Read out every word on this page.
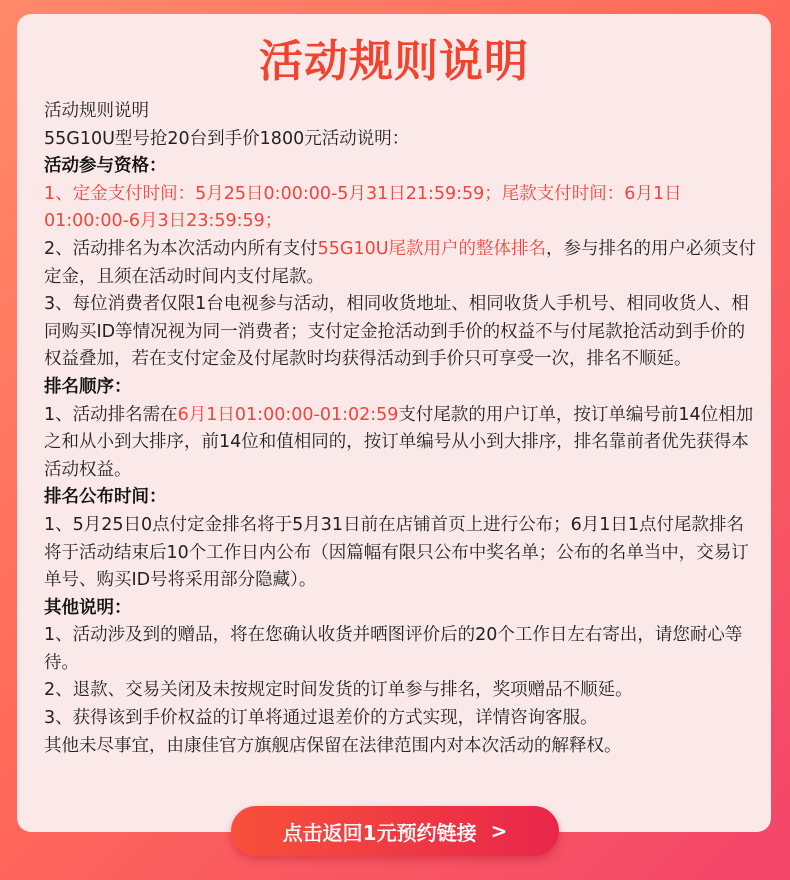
活动规则说明

活动规则说明

55G10U型号抢20台到手价1800元活动说明：

活动参与资格：

1、定金支付时间：5月25日0:00:00-5月31日21:59:59；尾款支付时间：6月1日01:00:00-6月3日23:59:59；

2、活动排名为本次活动内所有支付55G10U尾款用户的整体排名，参与排名的用户必须支付定金，且须在活动时间内支付尾款。

3、每位消费者仅限1台电视参与活动，相同收货地址、相同收货人手机号、相同收货人、相同购买ID等情况视为同一消费者；支付定金抢活动到手价的权益不与付尾款抢活动到手价的权益叠加，若在支付定金及付尾款时均获得活动到手价只可享受一次，排名不顺延。

排名顺序：

1、活动排名需在6月1日01:00:00-01:02:59支付尾款的用户订单，按订单编号前14位相加之和从小到大排序，前14位和值相同的，按订单编号从小到大排序，排名靠前者优先获得本活动权益。

排名公布时间：

1、5月25日0点付定金排名将于5月31日前在店铺首页上进行公布；6月1日1点付尾款排名将于活动结束后10个工作日内公布（因篇幅有限只公布中奖名单；公布的名单当中，交易订单号、购买ID号将采用部分隐藏）。

其他说明：

1、活动涉及到的赠品，将在您确认收货并晒图评价后的20个工作日左右寄出，请您耐心等待。

2、退款、交易关闭及未按规定时间发货的订单参与排名，奖项赠品不顺延。

3、获得该到手价权益的订单将通过退差价的方式实现，详情咨询客服。

其他未尽事宜，由康佳官方旗舰店保留在法律范围内对本次活动的解释权。

点击返回1元预约链接 >
